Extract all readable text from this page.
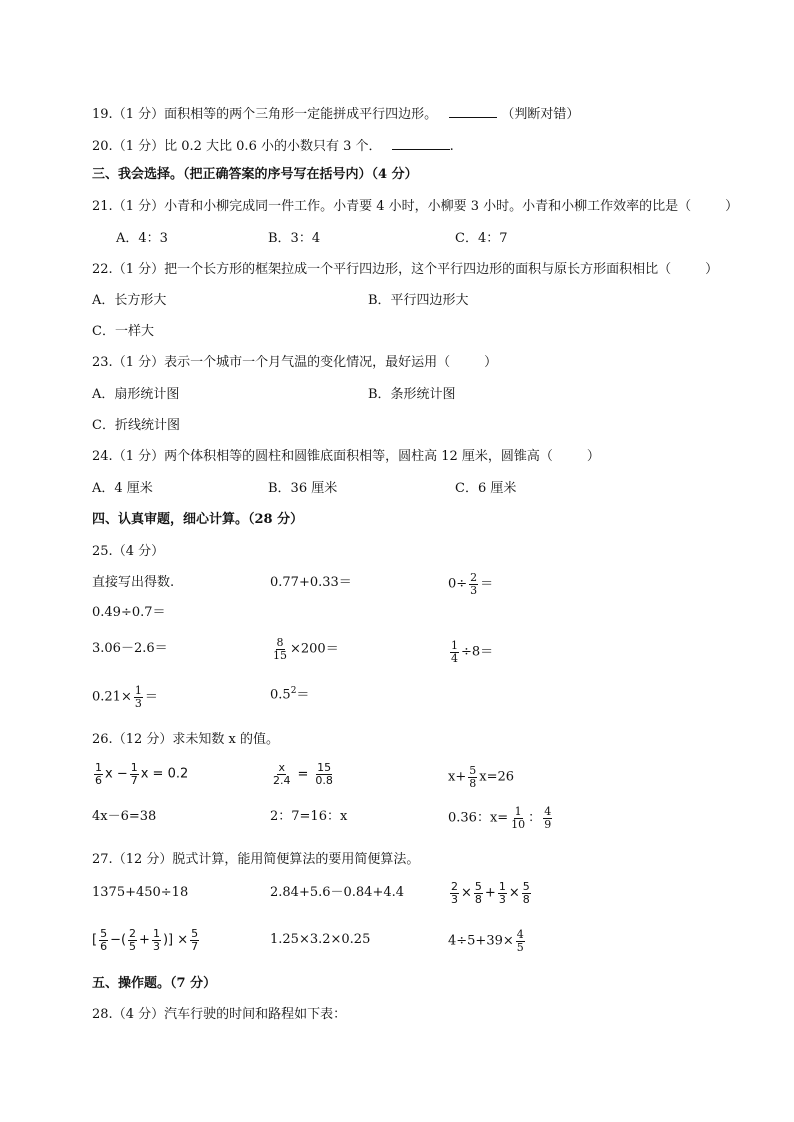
19.（1 分）面积相等的两个三角形一定能拼成平行四边形。	（判断对错）
20.（1 分）比 0.2 大比 0.6 小的小数只有 3 个．	.
三、我会选择。（把正确答案的序号写在括号内）（4 分）
21.（1 分）小青和小柳完成同一件工作。小青要 4 小时，小柳要 3 小时。小青和小柳工作效率的比是（	）
A．4：3	B．3：4	C．4：7
22.（1 分）把一个长方形的框架拉成一个平行四边形，这个平行四边形的面积与原长方形面积相比（	）
A．长方形大	B．平行四边形大
C．一样大
23.（1 分）表示一个城市一个月气温的变化情况，最好运用（	）
A．扇形统计图	B．条形统计图
C．折线统计图
24.（1 分）两个体积相等的圆柱和圆锥底面积相等，圆柱高 12 厘米，圆锥高（	）
A．4 厘米	B．36 厘米	C．6 厘米
四、认真审题，细心计算。（28 分）
25.（4 分）
直接写出得数.	0.77+0.33＝	$0\div \frac{2}{3}$ ＝
0.49÷0.7＝
3.06－2.6＝	$\frac{8}{15} \times 200=$	$\frac{1}{4} \div 8=$
$0.21\times \frac{1}{3}$ ＝	$0.5^2=$
26.（12 分）求未知数 x 的值。
$\frac{1}{6}$ $x - \frac{1}{7}$ x = 0.2	$\frac{x}{2.4} = \frac{15}{0.8}$	$x+ \frac{5}{8} x=26$
4x－6=38	2：7=16：x	0.36：$x= \frac{1}{10}$ ： $\frac{4}{9}$
27.（12 分）脱式计算，能用简便算法的要用简便算法。
1375+450÷18	2.84+5.6－0.84+4.4	$\frac{2}{3} \times \frac{5}{8} + \frac{1}{3} \times \frac{5}{8}$
[ $\frac{5}{6}$ −( $\frac{2}{5} + \frac{1}{3}$ )] × $\frac{5}{7}$	1.25×3.2×0.25	$4\div 5+39\times \frac{4}{5}$
五、操作题。（7 分）
28.（4 分）汽车行驶的时间和路程如下表：
